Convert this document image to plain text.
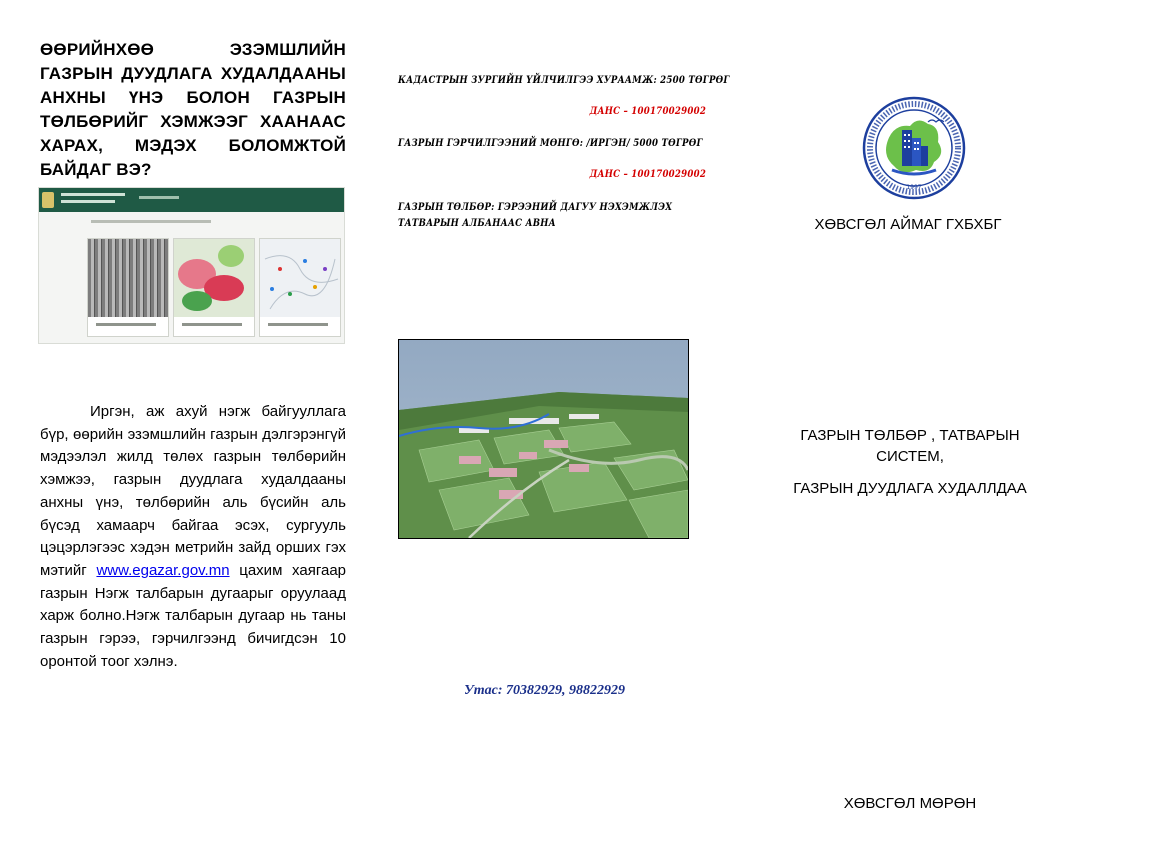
ӨӨРИЙНХӨӨ ЭЗЭМШЛИЙН ГАЗРЫН ДУУДЛАГА ХУДАЛДААНЫ АНХНЫ ҮНЭ БОЛОН ГАЗРЫН ТӨЛБӨРИЙГ ХЭМЖЭЭГ ХААНААС ХАРАХ, МЭДЭХ БОЛОМЖТОЙ БАЙДАГ ВЭ?
Иргэн, аж ахуй нэгж байгууллага бүр, өөрийн эзэмшлийн газрын дэлгэрэнгүй мэдээлэл жилд төлөх газрын төлбөрийн хэмжээ, газрын дуудлага худалдааны анхны үнэ, төлбөрийн аль бүсийн аль бүсэд хамаарч байгаа эсэх, сургууль цэцэрлэгээс хэдэн метрийн зайд орших гэх мэтийг www.egazar.gov.mn цахим хаягаар газрын Нэгж талбарын дугаарыг оруулаад харж болно.Нэгж талбарын дугаар нь таны газрын гэрээ, гэрчилгээнд бичигдсэн 10 оронтой тоог хэлнэ.
КАДАСТРЫН ЗУРГИЙН ҮЙЛЧИЛГЭЭ ХУРААМЖ: 2500 ТӨГРӨГ
ДАНС – 100170029002
ГАЗРЫН ГЭРЧИЛГЭЭНИЙ МӨНГӨ: /ИРГЭН/ 5000 ТӨГРӨГ
ДАНС – 100170029002
ГАЗРЫН ТӨЛБӨР: ГЭРЭЭНИЙ ДАГУУ НЭХЭМЖЛЭХ ТАТВАРЫН АЛБАНААС АВНА
Утас: 70382929, 98822929
1997
ХӨВСГӨЛ АЙМАГ ГХБХБГ
ГАЗРЫН ТӨЛБӨР , ТАТВАРЫН
СИСТЕМ,
ГАЗРЫН ДУУДЛАГА ХУДАЛЛДАА
ХӨВСГӨЛ МӨРӨН
